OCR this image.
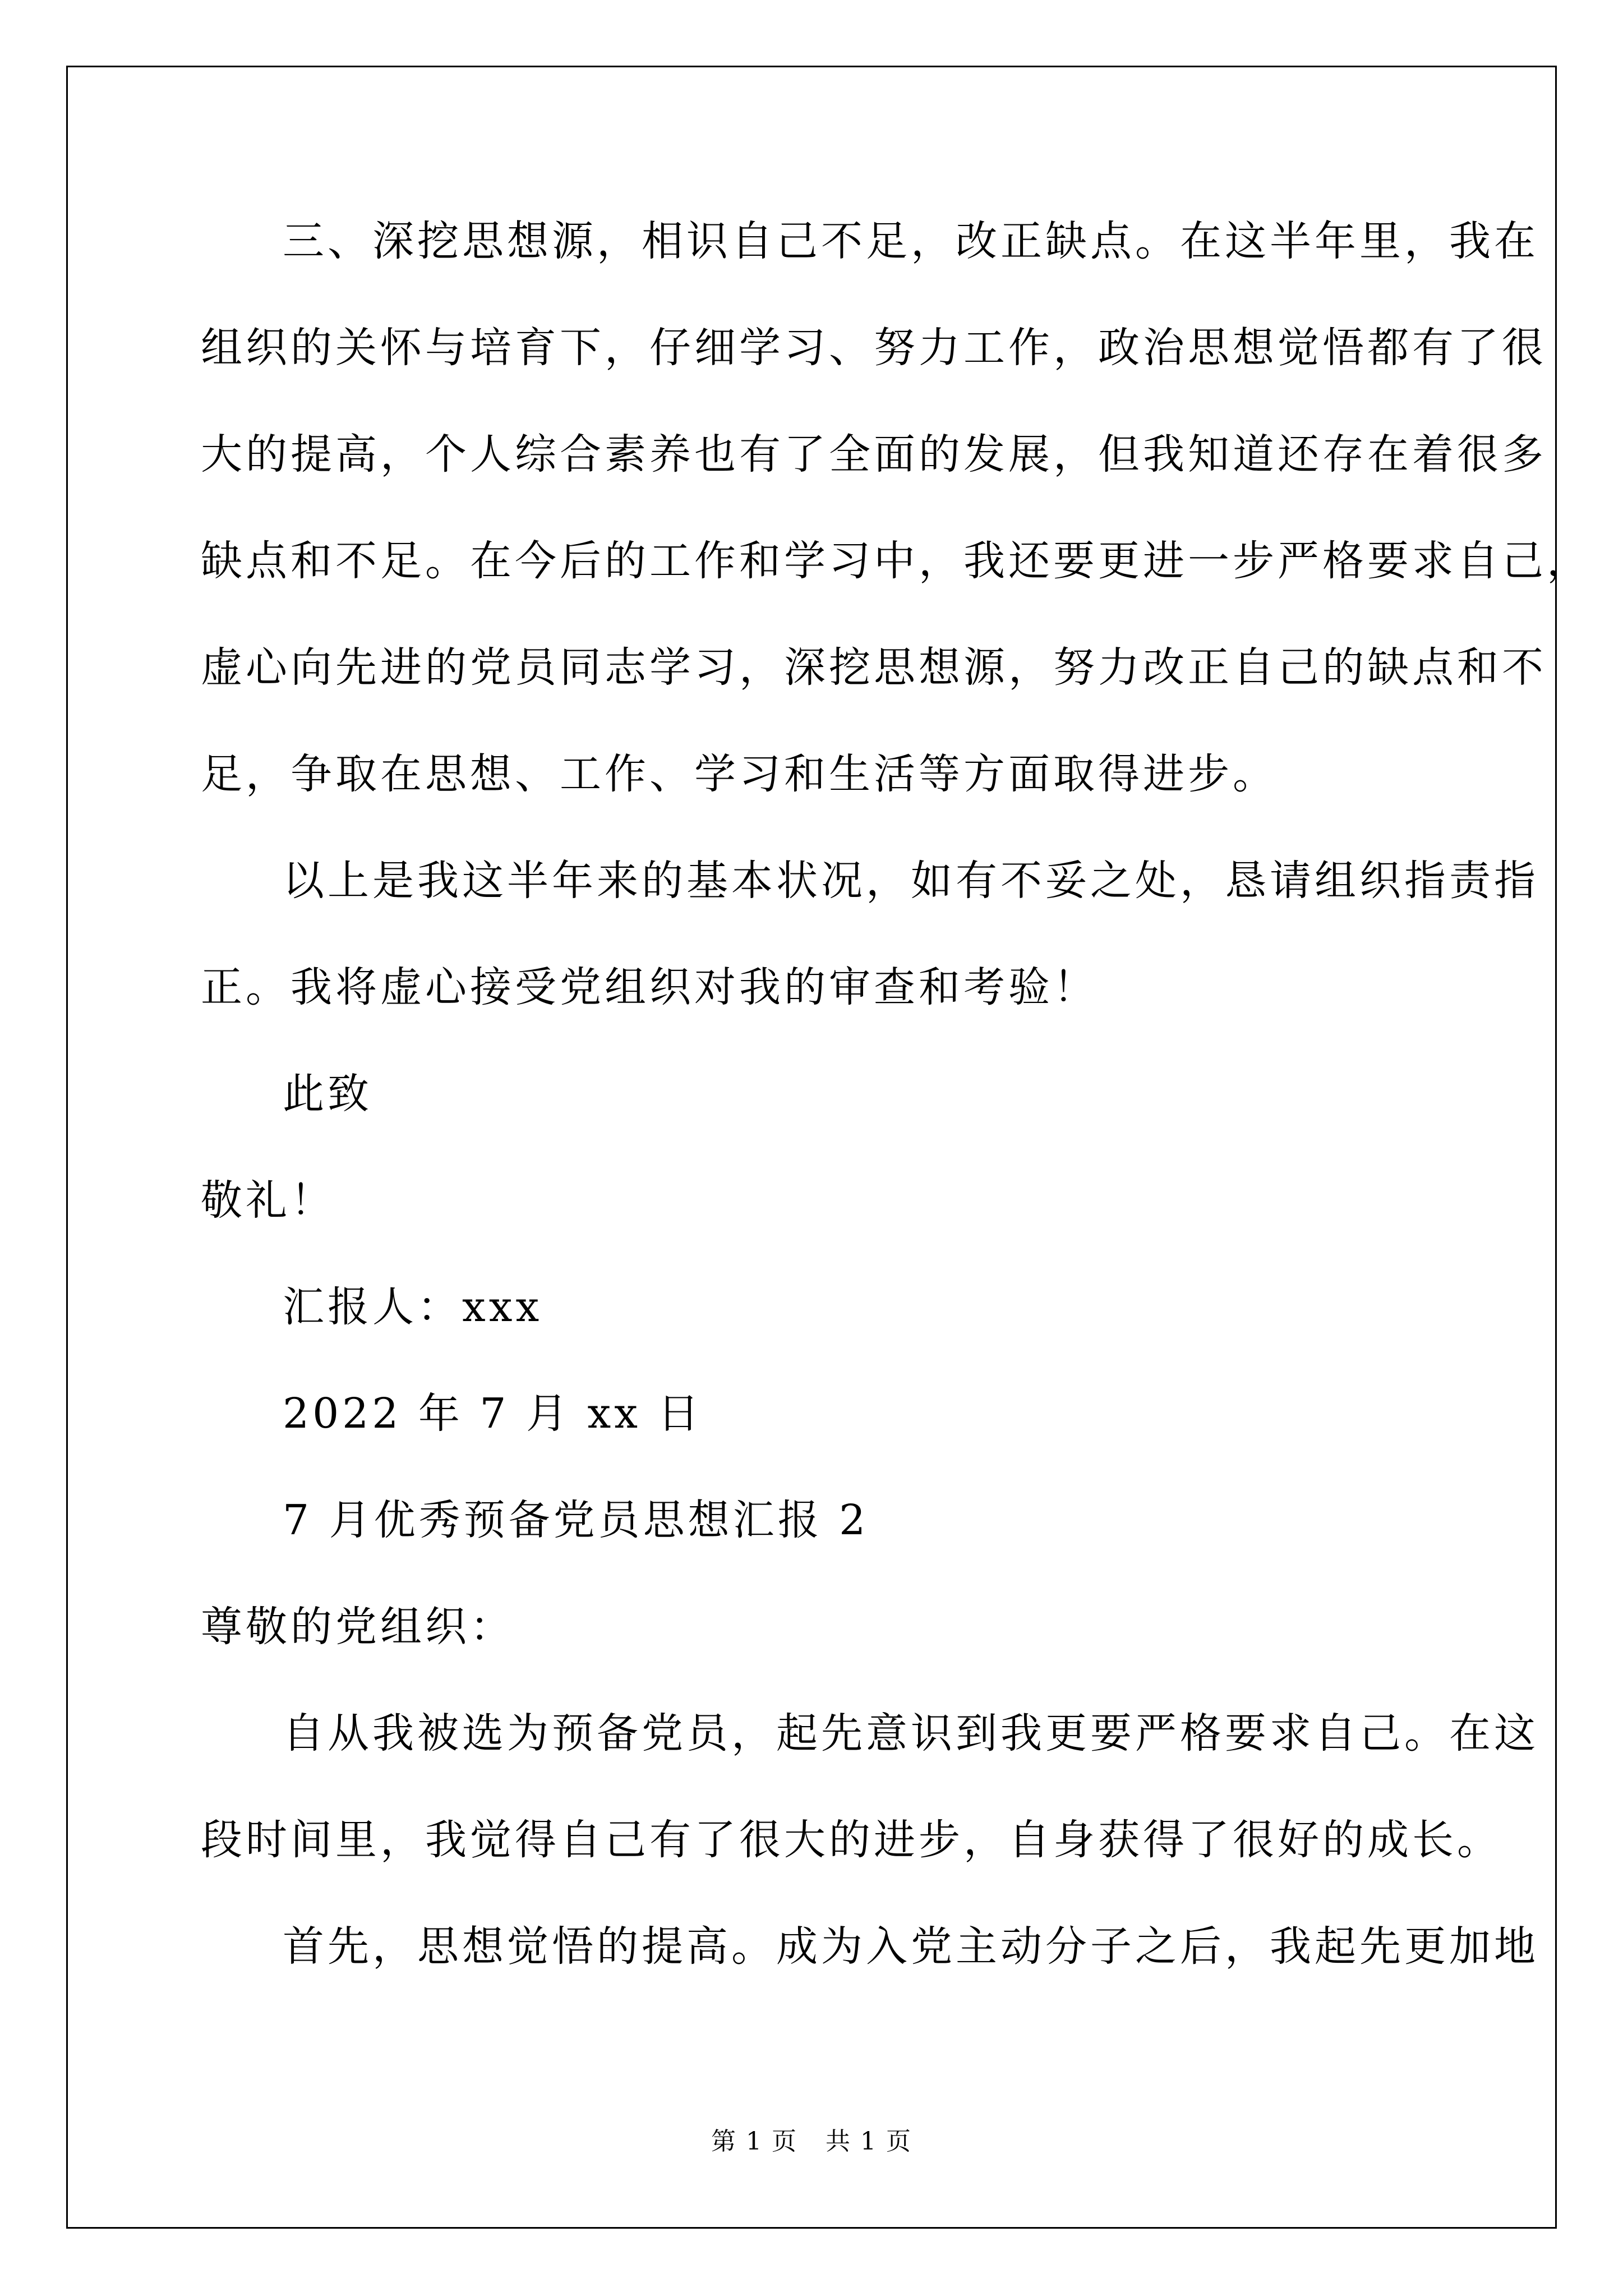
三、深挖思想源，相识自己不足，改正缺点。在这半年里，我在
组织的关怀与培育下，仔细学习、努力工作，政治思想觉悟都有了很
大的提高，个人综合素养也有了全面的发展，但我知道还存在着很多
缺点和不足。在今后的工作和学习中，我还要更进一步严格要求自己，
虚心向先进的党员同志学习，深挖思想源，努力改正自己的缺点和不
足，争取在思想、工作、学习和生活等方面取得进步。
以上是我这半年来的基本状况，如有不妥之处，恳请组织指责指
正。我将虚心接受党组织对我的审查和考验！
此致
敬礼！
汇报人：xxx
2022 年 7 月 xx 日
7 月优秀预备党员思想汇报 2
尊敬的党组织：
自从我被选为预备党员，起先意识到我更要严格要求自己。在这
段时间里，我觉得自己有了很大的进步，自身获得了很好的成长。
首先，思想觉悟的提高。成为入党主动分子之后，我起先更加地
第 1 页 共 1 页
